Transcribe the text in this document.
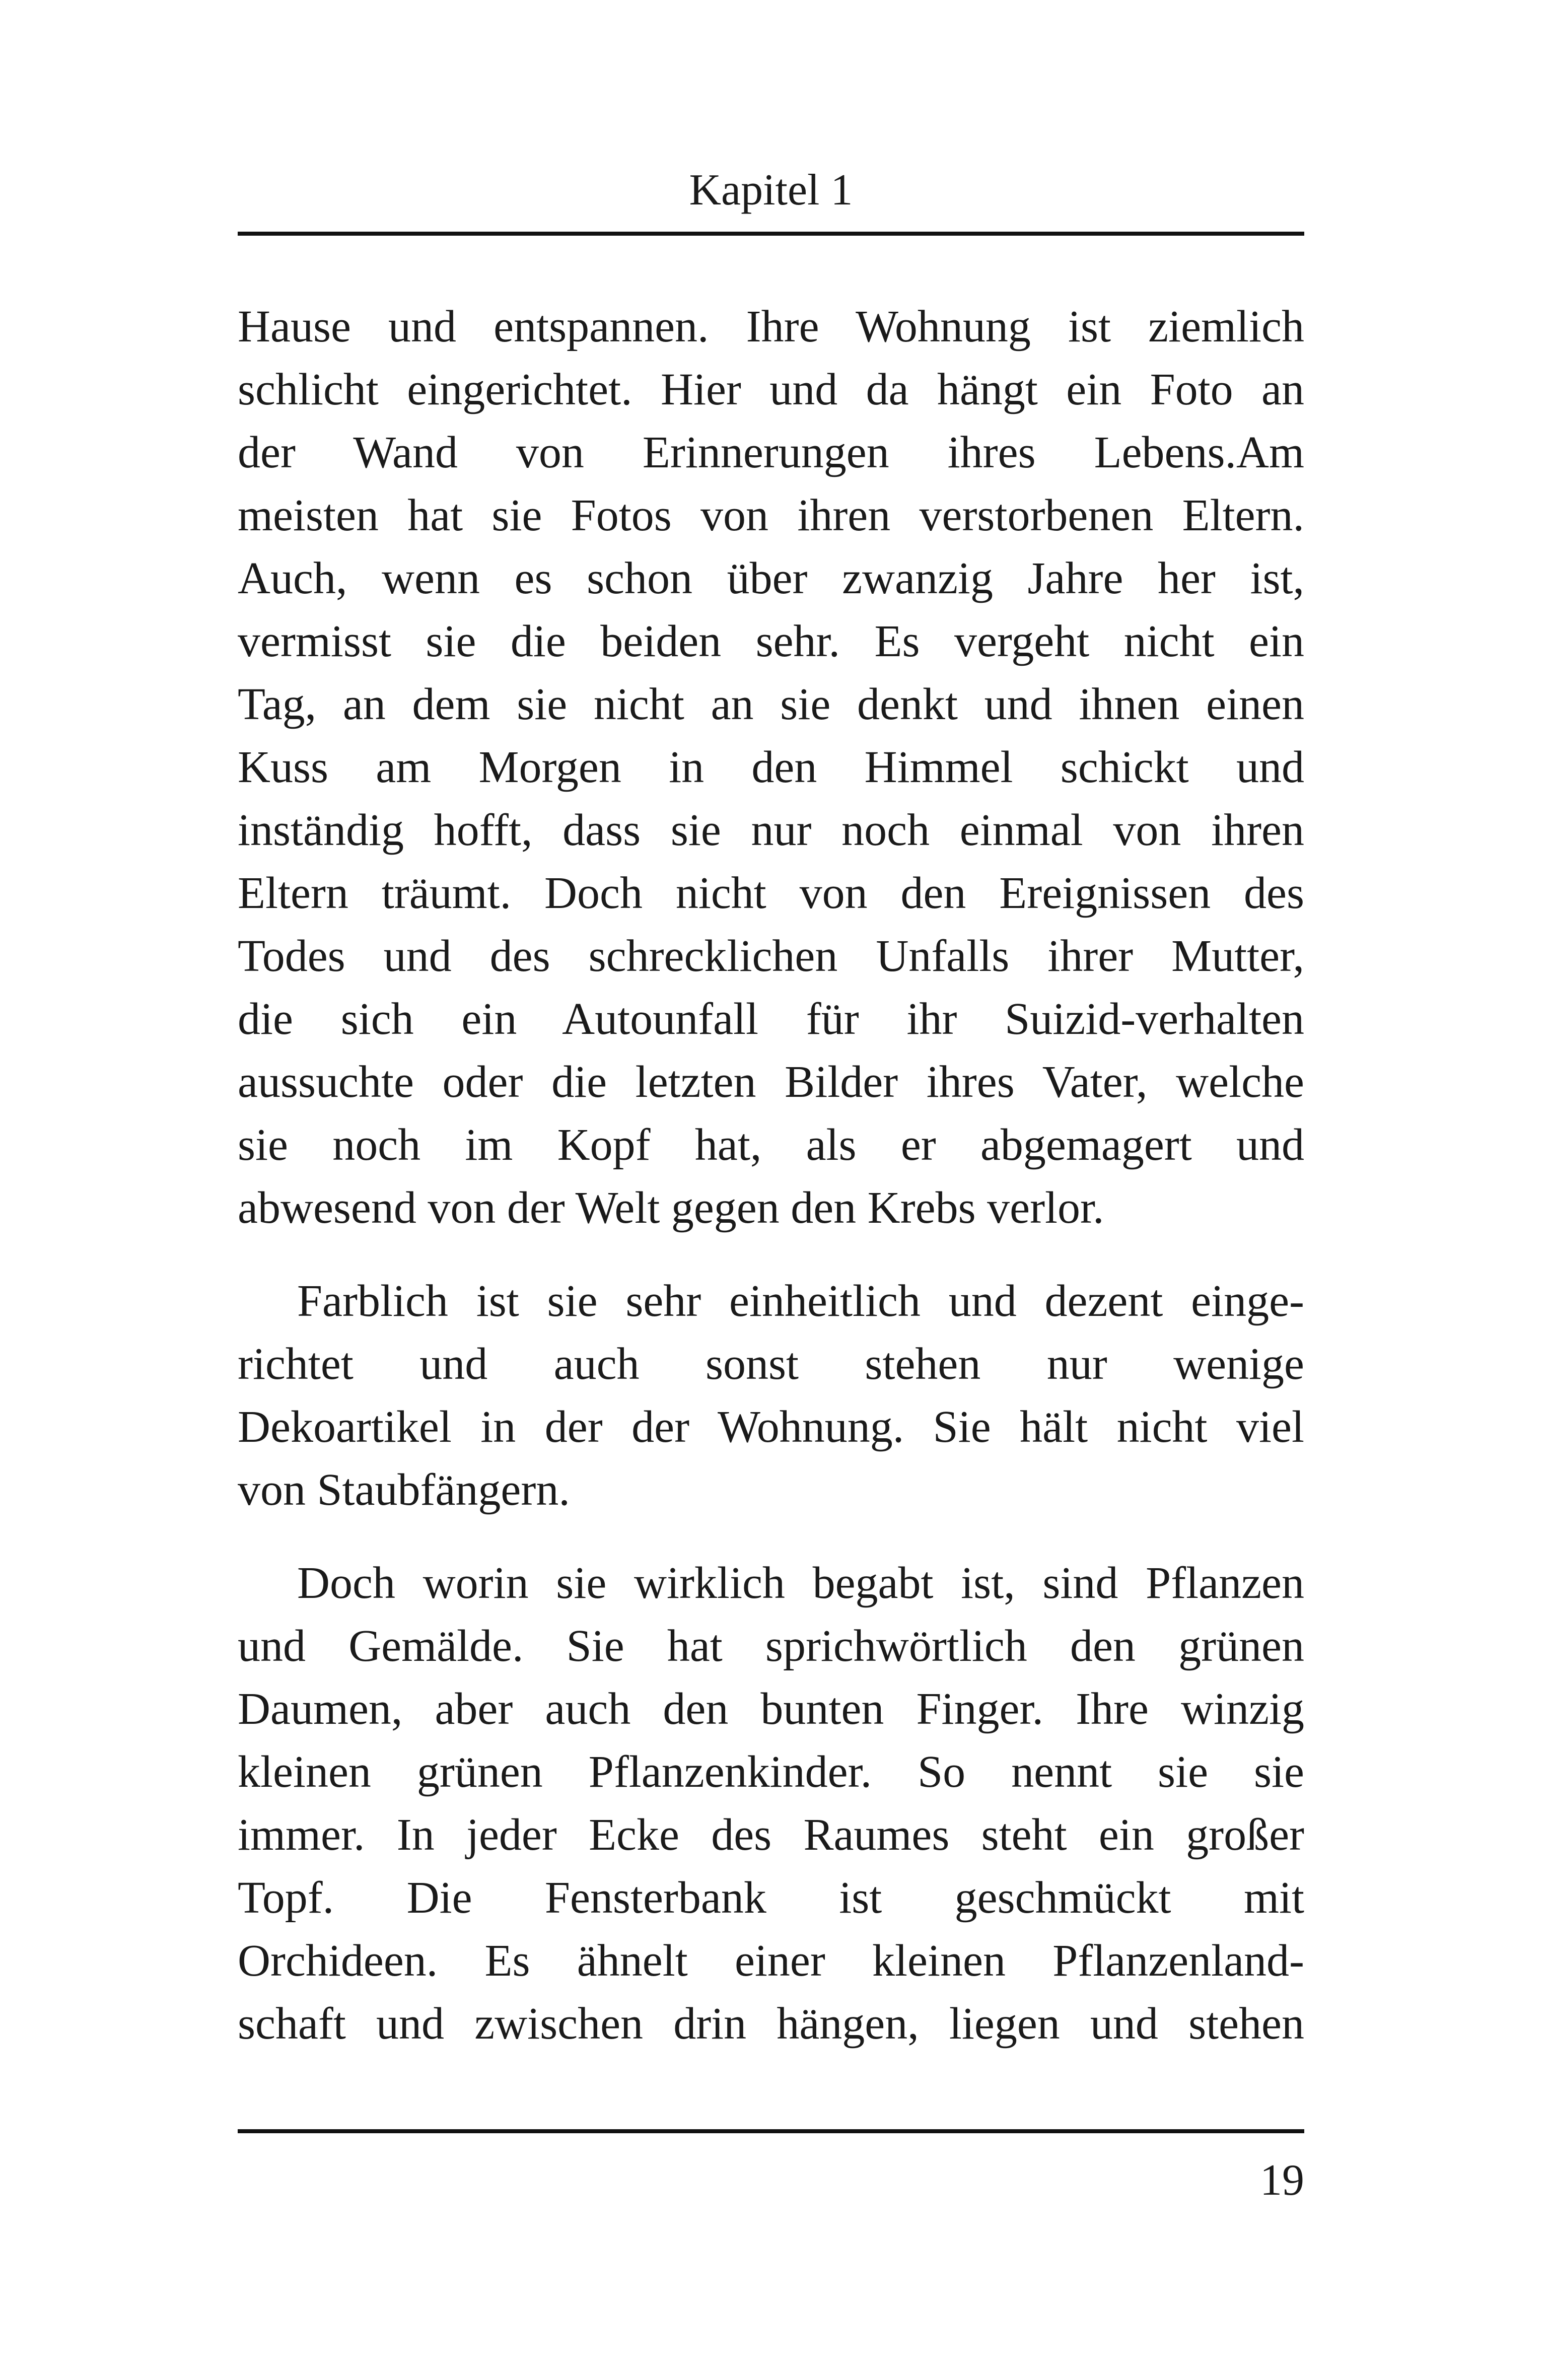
Kapitel 1
Hause und entspannen. Ihre Wohnung ist ziemlich
schlicht eingerichtet. Hier und da hängt ein Foto an
der Wand von Erinnerungen ihres Lebens.Am
meisten hat sie Fotos von ihren verstorbenen Eltern.
Auch, wenn es schon über zwanzig Jahre her ist,
vermisst sie die beiden sehr. Es vergeht nicht ein
Tag, an dem sie nicht an sie denkt und ihnen einen
Kuss am Morgen in den Himmel schickt und
inständig hofft, dass sie nur noch einmal von ihren
Eltern träumt. Doch nicht von den Ereignissen des
Todes und des schrecklichen Unfalls ihrer Mutter,
die sich ein Autounfall für ihr Suizid-verhalten
aussuchte oder die letzten Bilder ihres Vater, welche
sie noch im Kopf hat, als er abgemagert und
abwesend von der Welt gegen den Krebs verlor.
Farblich ist sie sehr einheitlich und dezent einge-
richtet und auch sonst stehen nur wenige
Dekoartikel in der der Wohnung. Sie hält nicht viel
von Staubfängern.
Doch worin sie wirklich begabt ist, sind Pflanzen
und Gemälde. Sie hat sprichwörtlich den grünen
Daumen, aber auch den bunten Finger. Ihre winzig
kleinen grünen Pflanzenkinder. So nennt sie sie
immer. In jeder Ecke des Raumes steht ein großer
Topf. Die Fensterbank ist geschmückt mit
Orchideen. Es ähnelt einer kleinen Pflanzenland-
schaft und zwischen drin hängen, liegen und stehen
19
